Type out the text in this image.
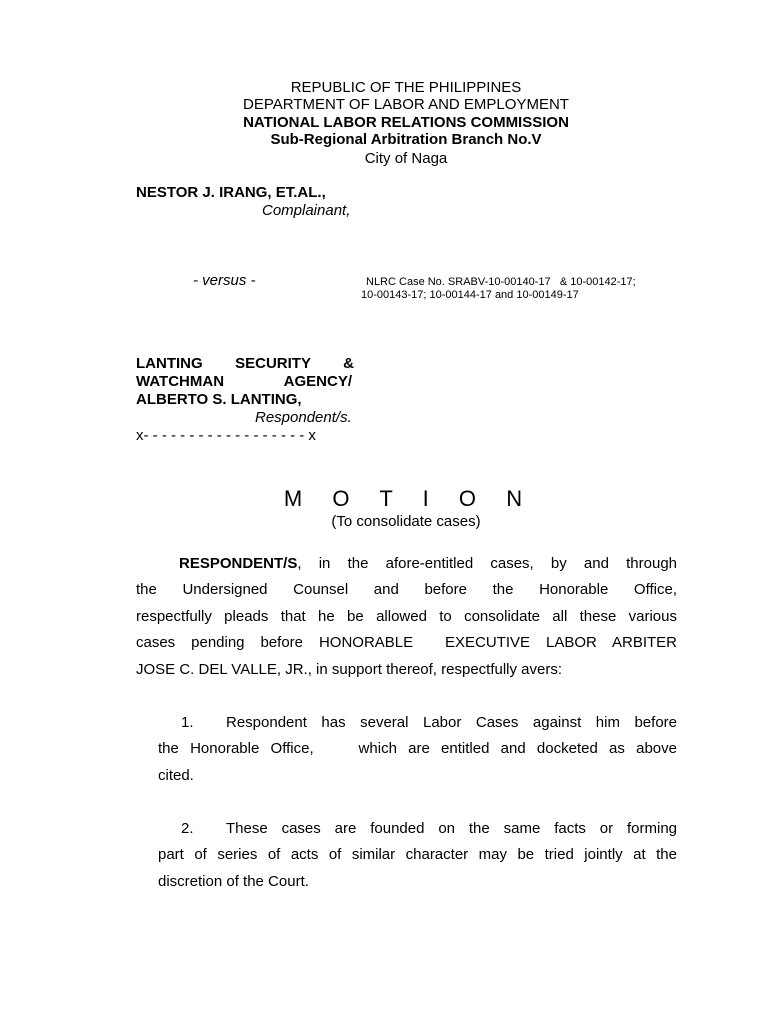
REPUBLIC OF THE PHILIPPINES
DEPARTMENT OF LABOR AND EMPLOYMENT
NATIONAL LABOR RELATIONS COMMISSION
Sub-Regional Arbitration Branch No.V
City of Naga
NESTOR J. IRANG, ET.AL.,
Complainant,
- versus -	NLRC Case No. SRABV-10-00140-17   & 10-00142-17;
10-00143-17; 10-00144-17 and 10-00149-17
LANTING SECURITY &
WATCHMAN AGENCY/
ALBERTO S. LANTING,
Respondent/s.
x- - - - - - - - - - - - - - - - - - x
M  O  T  I  O  N
(To consolidate cases)
RESPONDENT/S, in the afore-entitled cases, by and through
the Undersigned Counsel and before the Honorable Office,
respectfully pleads that he be allowed to consolidate all these various
cases pending before HONORABLE  EXECUTIVE LABOR ARBITER
JOSE C. DEL VALLE, JR., in support thereof, respectfully avers:
1. Respondent has several Labor Cases against him before
the Honorable Office,    which are entitled and docketed as above
cited.
2. These cases are founded on the same facts or forming
part of series of acts of similar character may be tried jointly at the
discretion of the Court.
